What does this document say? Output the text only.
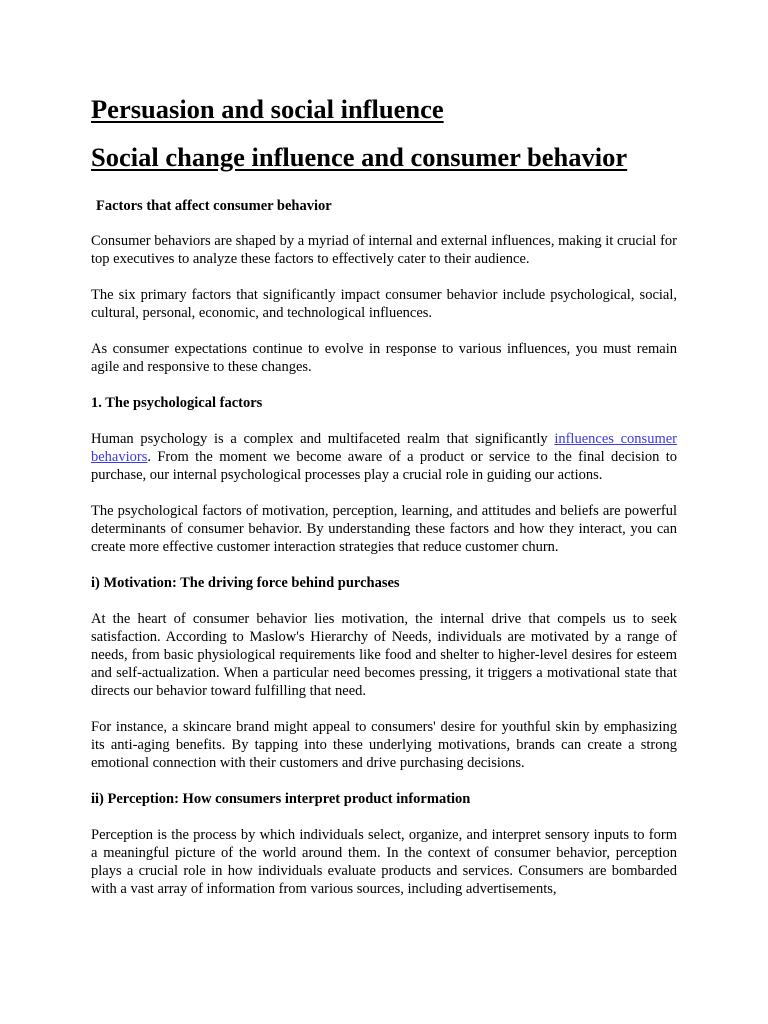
Persuasion and social influence
Social change influence and consumer behavior
Factors that affect consumer behavior

Consumer behaviors are shaped by a myriad of internal and external influences, making it crucial for top executives to analyze these factors to effectively cater to their audience.

The six primary factors that significantly impact consumer behavior include psychological, social, cultural, personal, economic, and technological influences.

As consumer expectations continue to evolve in response to various influences, you must remain agile and responsive to these changes.

1. The psychological factors

Human psychology is a complex and multifaceted realm that significantly influences consumer behaviors. From the moment we become aware of a product or service to the final decision to purchase, our internal psychological processes play a crucial role in guiding our actions.

The psychological factors of motivation, perception, learning, and attitudes and beliefs are powerful determinants of consumer behavior. By understanding these factors and how they interact, you can create more effective customer interaction strategies that reduce customer churn.

i) Motivation: The driving force behind purchases

At the heart of consumer behavior lies motivation, the internal drive that compels us to seek satisfaction. According to Maslow's Hierarchy of Needs, individuals are motivated by a range of needs, from basic physiological requirements like food and shelter to higher-level desires for esteem and self-actualization. When a particular need becomes pressing, it triggers a motivational state that directs our behavior toward fulfilling that need.

For instance, a skincare brand might appeal to consumers' desire for youthful skin by emphasizing its anti-aging benefits. By tapping into these underlying motivations, brands can create a strong emotional connection with their customers and drive purchasing decisions.

ii) Perception: How consumers interpret product information

Perception is the process by which individuals select, organize, and interpret sensory inputs to form a meaningful picture of the world around them. In the context of consumer behavior, perception plays a crucial role in how individuals evaluate products and services. Consumers are bombarded with a vast array of information from various sources, including advertisements,
